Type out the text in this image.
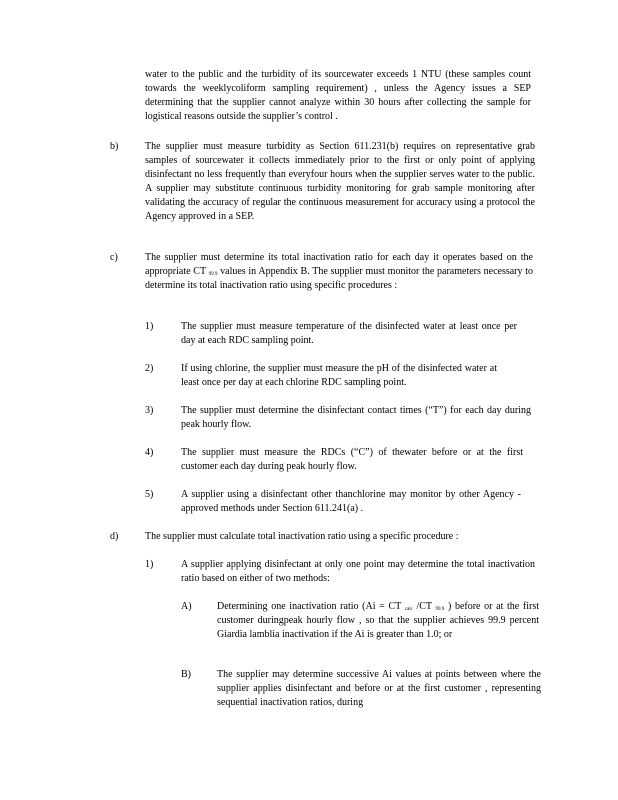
water to the public and the turbidity of its sourcewater exceeds 1 NTU (these samples count towards the weeklycoliform sampling requirement) , unless the Agency issues a SEP determining that the supplier cannot analyze within 30 hours after collecting the sample for logistical reasons outside the supplier’s control .
b)	The supplier must measure turbidity as Section 611.231(b) requires on representative grab samples of sourcewater it collects immediately prior to the first or only point of applying disinfectant no less frequently than everyfour hours when the supplier serves water to the public. A supplier may substitute continuous turbidity monitoring for grab sample monitoring after validating the accuracy of regular the continuous measurement for accuracy using a protocol the Agency approved in a SEP.
c)	The supplier must determine its total inactivation ratio for each day it operates based on the appropriate CT $_{99.9}$ values in Appendix B. The supplier must monitor the parameters necessary to determine its total inactivation ratio using specific procedures :
1)	The supplier must measure temperature of the disinfected water at least once per day at each RDC sampling point.
2)	If using chlorine, the supplier must measure the pH of the disinfected water at least once per day at each chlorine RDC sampling point.
3)	The supplier must determine the disinfectant contact times (“T”) for each day during peak hourly flow.
4)	The supplier must measure the RDCs (“C”) of thewater before or at the first customer each day during peak hourly flow.
5)	A supplier using a disinfectant other thanchlorine may monitor by other Agency -approved methods under Section 611.241(a) .
d)	The supplier must calculate total inactivation ratio using a specific procedure :
1)	A supplier applying disinfectant at only one point may determine the total inactivation ratio based on either of two methods:
A)	Determining one inactivation ratio (Ai = CT $_{calc}$ /CT $_{99.9}$ ) before or at the first customer duringpeak hourly flow , so that the supplier achieves 99.9 percent Giardia lamblia inactivation if the Ai is greater than 1.0; or
B)	The supplier may determine successive Ai values at points between where the supplier applies disinfectant and before or at the first customer , representing sequential inactivation ratios, during
